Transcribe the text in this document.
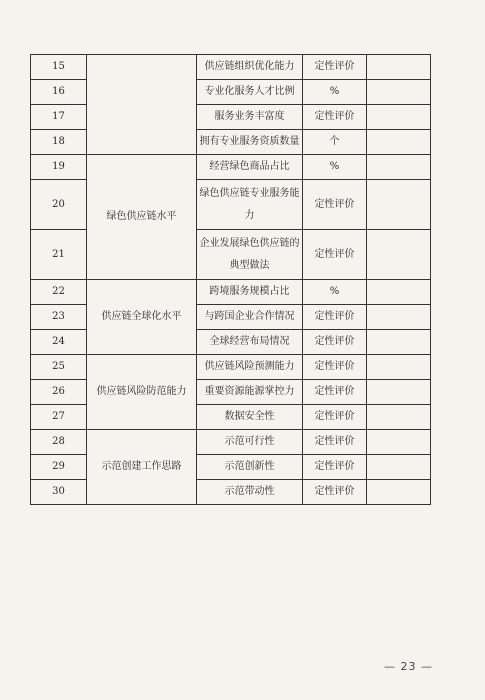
15		供应链组织优化能力	定性评价	
16		专业化服务人才比例	%	
17		服务业务丰富度	定性评价	
18		拥有专业服务资质数量	个	
19	绿色供应链水平	经营绿色商品占比	%	
20		绿色供应链专业服务能力	定性评价	
21		企业发展绿色供应链的典型做法	定性评价	
22	供应链全球化水平	跨境服务规模占比	%	
23		与跨国企业合作情况	定性评价	
24		全球经营布局情况	定性评价	
25	供应链风险防范能力	供应链风险预测能力	定性评价	
26		重要资源能源掌控力	定性评价	
27		数据安全性	定性评价	
28	示范创建工作思路	示范可行性	定性评价	
29		示范创新性	定性评价	
30		示范带动性	定性评价	
— 23 —
